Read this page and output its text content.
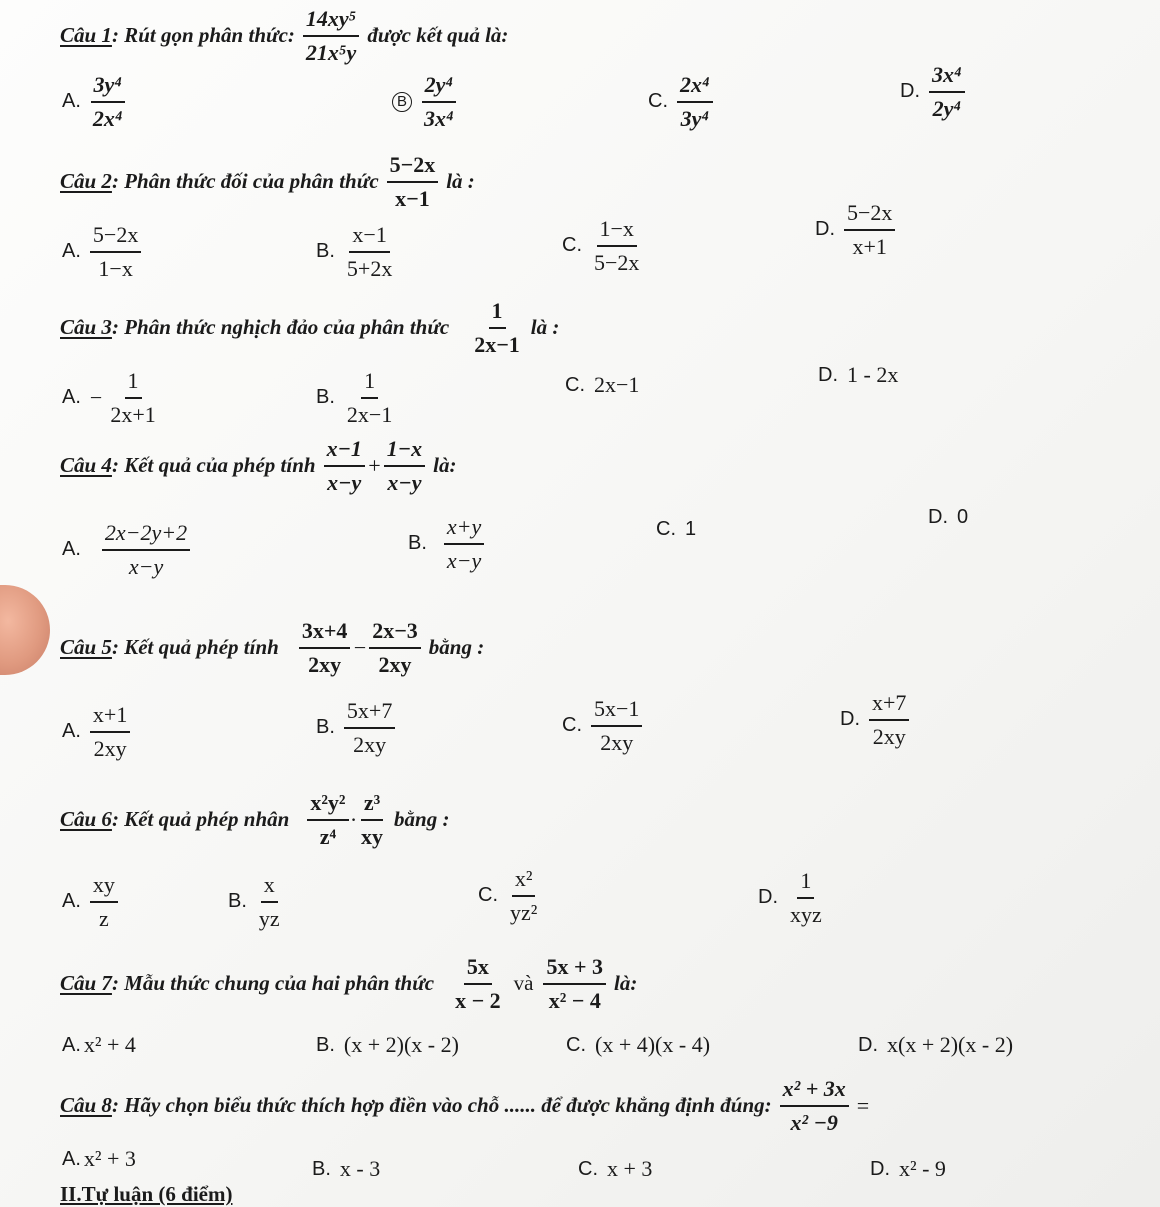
Câu 1 : Rút gọn phân thức:
14xy⁵
21x⁵y
được kết quả là:
A.
3y⁴
2x⁴
B
2y⁴
3x⁴
C.
2x⁴
3y⁴
D.
3x⁴
2y⁴
Câu 2 : Phân thức đối của phân thức
5−2x
x−1
là :
A.
5−2x
1−x
B.
x−1
5+2x
C.
1−x
5−2x
D.
5−2x
x+1
Câu 3 : Phân thức nghịch đảo của phân thức
1
2x−1
là :
A. − $\frac{1}{2x+1}$	B.
1
2x−1
C. 2x−1	D. 1 - 2x
Câu 4 : Kết quả của phép tính
x−1
x−y
+ $\frac{1-x}{x-y}$ là:
A.
2x−2y+2
x−y
B.
x+y
x−y
C. 1
D. 0
Câu 5 : Kết quả phép tính
3x+4
2xy
− $\frac{2x-3}{2xy}$ bằng :
A.
x+1
2xy
B.
5x+7
2xy
C.
5x−1
2xy
D.
x+7
2xy
Câu 6 : Kết quả phép nhân
x²y²
z⁴
·
z³
xy
bằng :
A.
xy
z
B.
x
yz
C.
x²
yz²
D.
1
xyz
Câu 7 : Mẫu thức chung của hai phân thức
5x
x − 2
và
5x + 3
x² − 4
là:
A. x² + 4	B. (x + 2)(x - 2)	C. (x + 4)(x - 4)	D. x(x + 2)(x - 2)
Câu 8 : Hãy chọn biểu thức thích hợp điền vào chỗ ...... để được khẳng định đúng: $\frac{\text{x² + 3x}}{\text{x² −9}}$ =
A. x² + 3	B. x - 3	C. x + 3	D. x² - 9
II.Tự luận (6 điểm)
